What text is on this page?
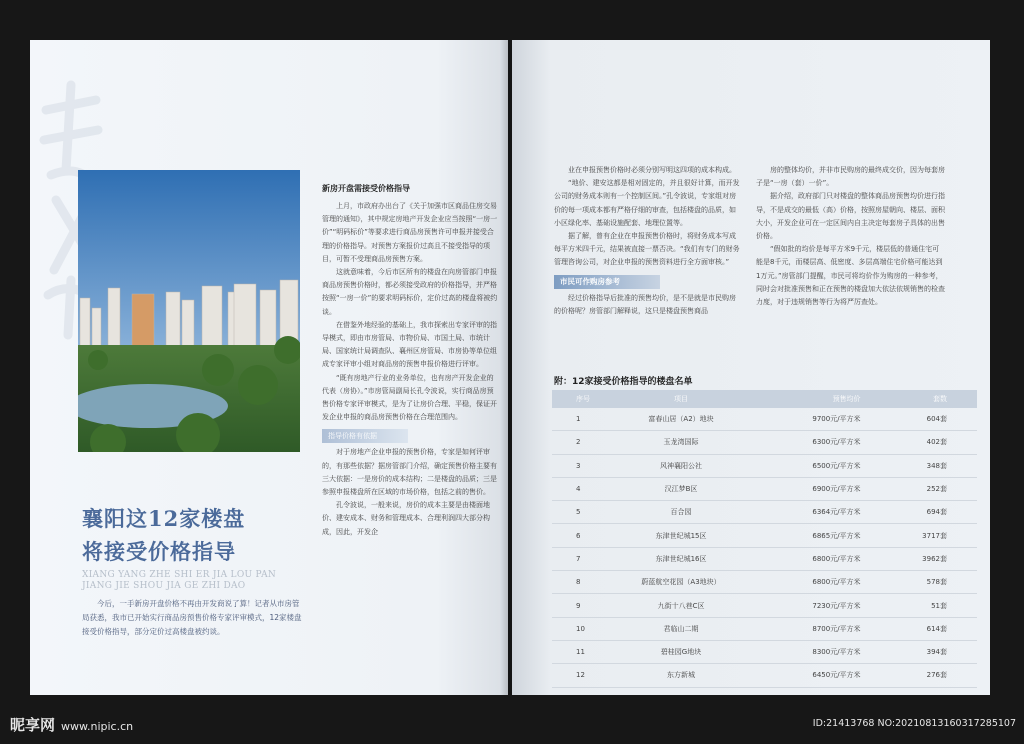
新房开盘需接受价格指导

上月，市政府办出台了《关于加强市区商品住房交易管理的通知》，其中规定房地产开发企业应当按照“一房一价”“明码标价”等要求进行商品房预售许可申报并接受合理的价格指导。对预售方案报价过高且不接受指导的项目，可暂不受理商品房预售方案。

这就意味着，今后市区所有的楼盘在向房管部门申报商品房预售价格时，都必须接受政府的价格指导，并严格按照“一房一价”的要求明码标价，定价过高的楼盘将被约谈。

在借鉴外地经验的基础上，我市探索出专家评审的指导模式，即由市房管局、市物价局、市国土局、市统计局、国家统计局调查队、襄州区房管局、市房协等单位组成专家评审小组对商品房的预售申报价格进行评审。

“既有房地产行业的业务单位，也有房产开发企业的代表（房协）。”市房管局副局长孔令波说，实行商品房预售价格专家评审模式，是为了让房价合理、平稳，保证开发企业申报的商品房预售价格在合理范围内。

指导价格有依据

对于房地产企业申报的预售价格，专家是如何评审的，有那些依据？据房管部门介绍，确定预售价格主要有三大依据：一是房价的成本结构；二是楼盘的品质；三是参照申报楼盘所在区域的市场价格，包括之前的售价。

孔令波说，一般来说，房价的成本主要是由楼面地价、建安成本、财务和管理成本、合理利润四大部分构成，因此，开发企

襄阳这12家楼盘
将接受价格指导
XIANG YANG ZHE SHI ER JIA LOU PAN
JIANG JIE SHOU JIA GE ZHI DAO

今后，一手新房开盘价格不再由开发商说了算！记者从市房管局获悉，我市已开始实行商品房预售价格专家评审模式，12家楼盘接受价格指导，部分定价过高楼盘被约谈。

业在申报预售价格时必须分别写明这四项的成本构成。

“地价、建安这都是相对固定的，并且很好计算，而开发公司的财务成本则有一个控制区间。”孔令波说，专家组对房价的每一项成本都有严格仔细的审查，包括楼盘的品质，如小区绿化率、基础设施配套、地理位置等。

据了解，曾有企业在申报预售价格时，将财务成本写成每平方米四千元，结果被直接一票否决。“我们有专门的财务管理咨询公司，对企业申报的预售资料进行全方面审核。”

市民可作购房参考

经过价格指导后批准的预售均价，是不是就是市民购房的价格呢？房管部门解释说，这只是楼盘预售商品

房的整体均价，并非市民购房的最终成交价，因为每套房子是“一房（套）一价”。

据介绍，政府部门只对楼盘的整体商品房预售均价进行指导，不是成交的最低（高）价格，按照房屋朝向、楼层、面积大小，开发企业可在一定区间内自主决定每套房子具体的出售价格。

“假如批的均价是每平方米9千元，楼层低的普通住宅可能是8千元，而楼层高、低密度、多层高端住宅价格可能达到1万元。”房管部门提醒，市民可将均价作为购房的一种参考，同时会对批准预售和正在预售的楼盘加大依法依规销售的检查力度，对于违规销售等行为将严厉查处。

附：12家接受价格指导的楼盘名单

序号	项目	预售均价	套数
1	富春山居（A2）地块	9700元/平方米	604套
2	玉龙湾国际	6300元/平方米	402套
3	风神襄阳公社	6500元/平方米	348套
4	汉江梦B区	6900元/平方米	252套
5	百合园	6364元/平方米	694套
6	东津世纪城15区	6865元/平方米	3717套
7	东津世纪城16区	6800元/平方米	3962套
8	蔚蓝航空花园（A3地块）	6800元/平方米	578套
9	九街十八巷C区	7230元/平方米	51套
10	君临山二期	8700元/平方米	614套
11	碧桂园G地块	8300元/平方米	394套
12	东方新城	6450元/平方米	276套
昵享网 www.nipic.cn	ID:21413768 NO:20210813160317285107
